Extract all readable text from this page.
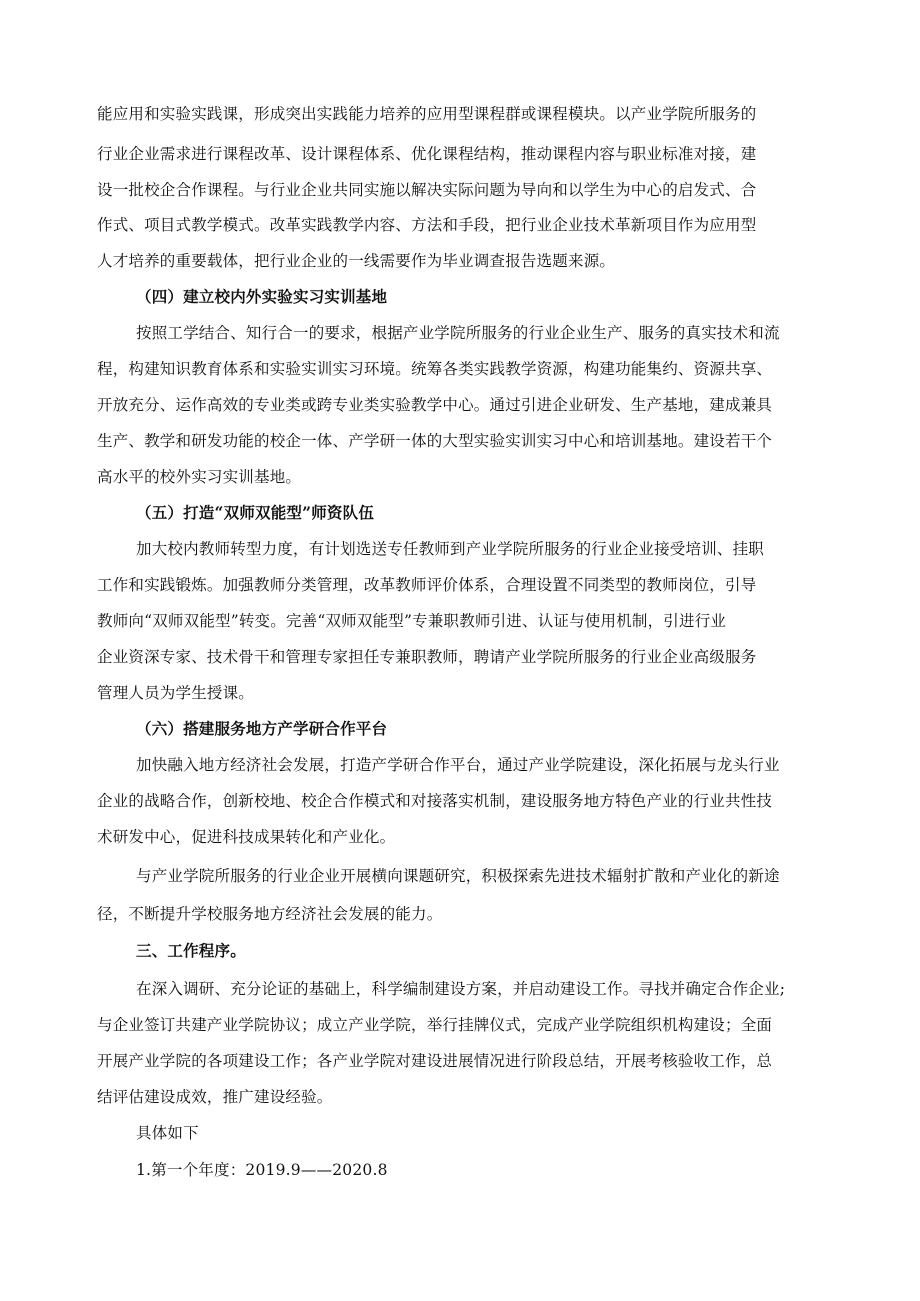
能应用和实验实践课，形成突出实践能力培养的应用型课程群或课程模块。以产业学院所服务的
行业企业需求进行课程改革、设计课程体系、优化课程结构，推动课程内容与职业标准对接，建
设一批校企合作课程。与行业企业共同实施以解决实际问题为导向和以学生为中心的启发式、合
作式、项目式教学模式。改革实践教学内容、方法和手段，把行业企业技术革新项目作为应用型
人才培养的重要载体，把行业企业的一线需要作为毕业调查报告选题来源。
（四）建立校内外实验实习实训基地
按照工学结合、知行合一的要求，根据产业学院所服务的行业企业生产、服务的真实技术和流
程，构建知识教育体系和实验实训实习环境。统筹各类实践教学资源，构建功能集约、资源共享、
开放充分、运作高效的专业类或跨专业类实验教学中心。通过引进企业研发、生产基地，建成兼具
生产、教学和研发功能的校企一体、产学研一体的大型实验实训实习中心和培训基地。建设若干个
高水平的校外实习实训基地。
（五）打造“双师双能型”师资队伍
加大校内教师转型力度，有计划选送专任教师到产业学院所服务的行业企业接受培训、挂职
工作和实践锻炼。加强教师分类管理，改革教师评价体系，合理设置不同类型的教师岗位，引导
教师向“双师双能型”转变。完善“双师双能型”专兼职教师引进、认证与使用机制，引进行业
企业资深专家、技术骨干和管理专家担任专兼职教师，聘请产业学院所服务的行业企业高级服务
管理人员为学生授课。
（六）搭建服务地方产学研合作平台
加快融入地方经济社会发展，打造产学研合作平台，通过产业学院建设，深化拓展与龙头行业
企业的战略合作，创新校地、校企合作模式和对接落实机制，建设服务地方特色产业的行业共性技
术研发中心，促进科技成果转化和产业化。
与产业学院所服务的行业企业开展横向课题研究，积极探索先进技术辐射扩散和产业化的新途
径，不断提升学校服务地方经济社会发展的能力。
三、工作程序。
在深入调研、充分论证的基础上，科学编制建设方案，并启动建设工作。寻找并确定合作企业;
与企业签订共建产业学院协议；成立产业学院，举行挂牌仪式，完成产业学院组织机构建设；全面
开展产业学院的各项建设工作；各产业学院对建设进展情况进行阶段总结，开展考核验收工作，总
结评估建设成效，推广建设经验。
具体如下
1.第一个年度：2019.9——2020.8
